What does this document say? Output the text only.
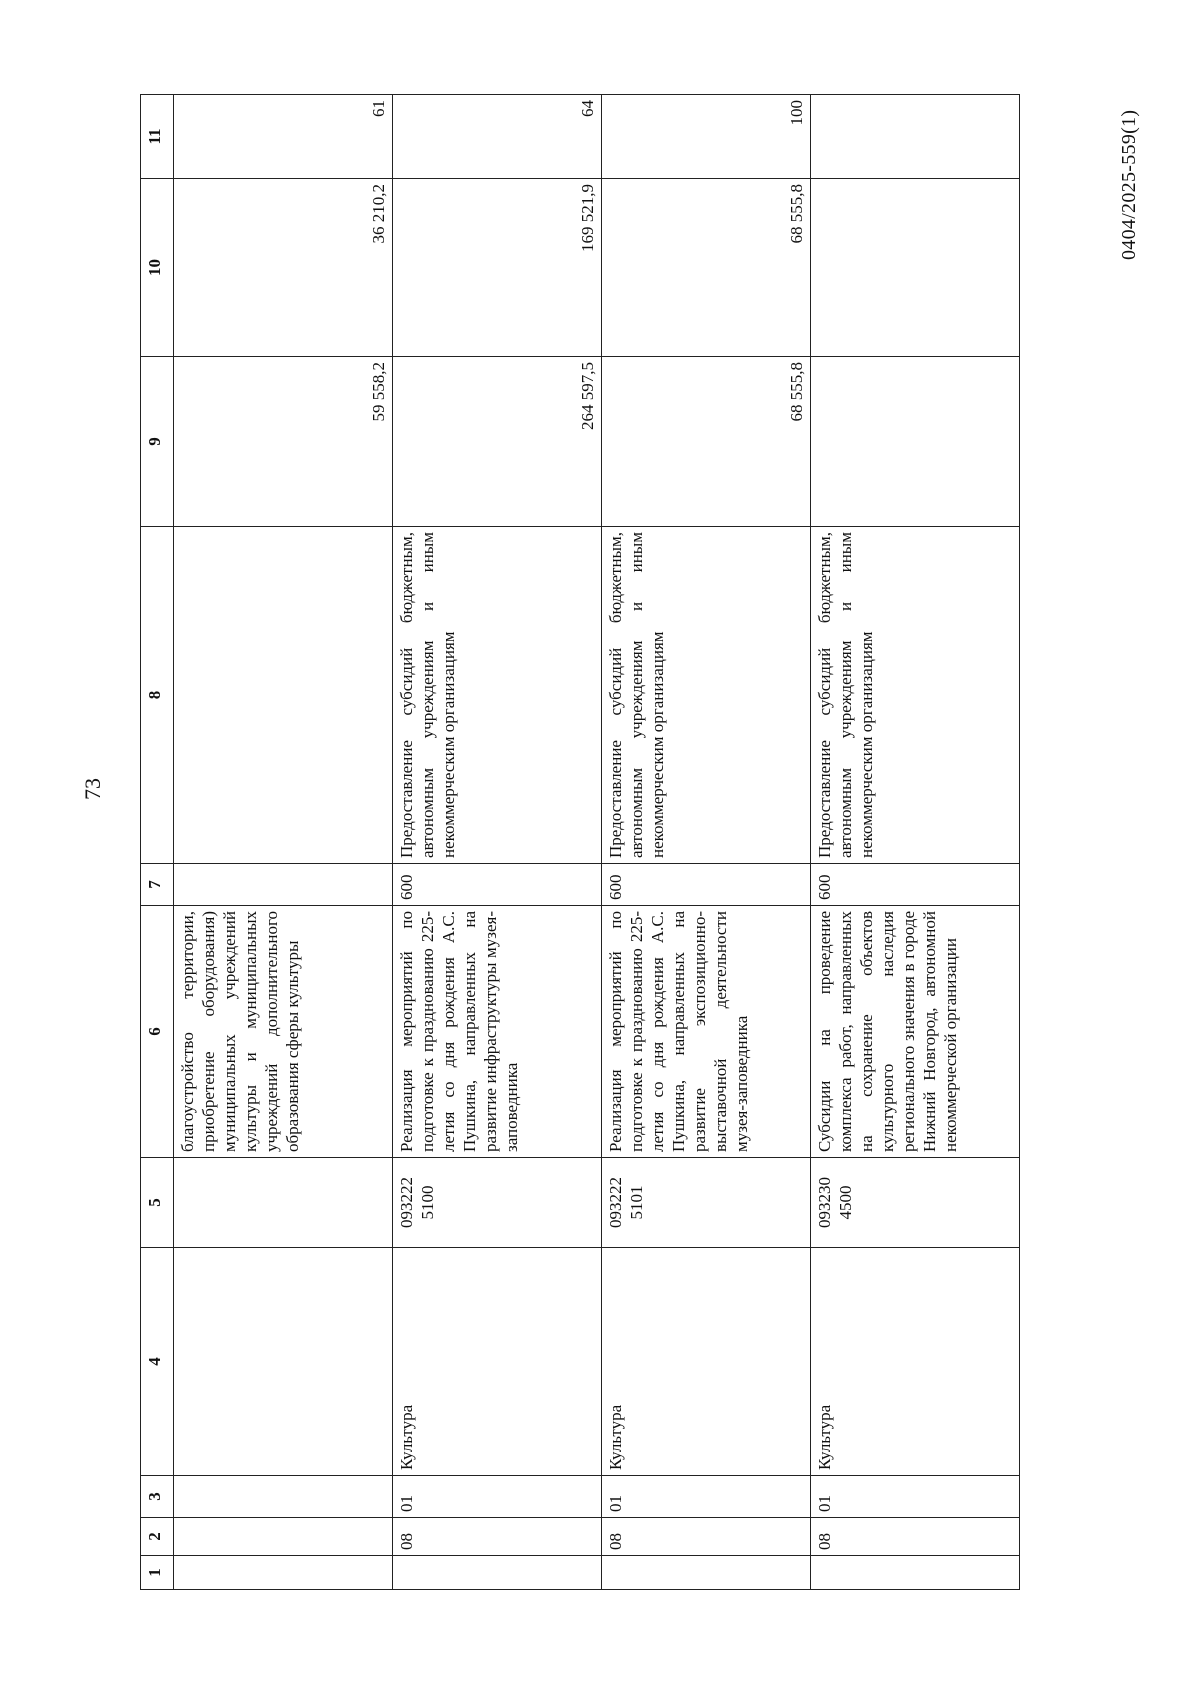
73
0404/2025-559(1)
1	2	3	4	5	6	7	8	9	10	11
					благоустройство территории, приобретение оборудования) муниципальных учреждений культуры и муниципальных учреждений дополнительного образования сферы культуры			59 558,2	36 210,2	61
	08	01	Культура	093222 5100	Реализация мероприятий по подготовке к празднованию 225-летия со дня рождения А.С. Пушкина, направленных на развитие инфраструктуры музея-заповедника	600	Предоставление субсидий бюджетным, автономным учреждениям и иным некоммерческим организациям	264 597,5	169 521,9	64
	08	01	Культура	093222 5101	Реализация мероприятий по подготовке к празднованию 225-летия со дня рождения А.С. Пушкина, направленных на развитие экспозиционно-выставочной деятельности музея-заповедника	600	Предоставление субсидий бюджетным, автономным учреждениям и иным некоммерческим организациям	68 555,8	68 555,8	100
	08	01	Культура	093230 4500	Субсидии на проведение комплекса работ, направленных на сохранение объектов культурного наследия регионального значения в городе Нижний Новгород, автономной некоммерческой организации	600	Предоставление субсидий бюджетным, автономным учреждениям и иным некоммерческим организациям			
